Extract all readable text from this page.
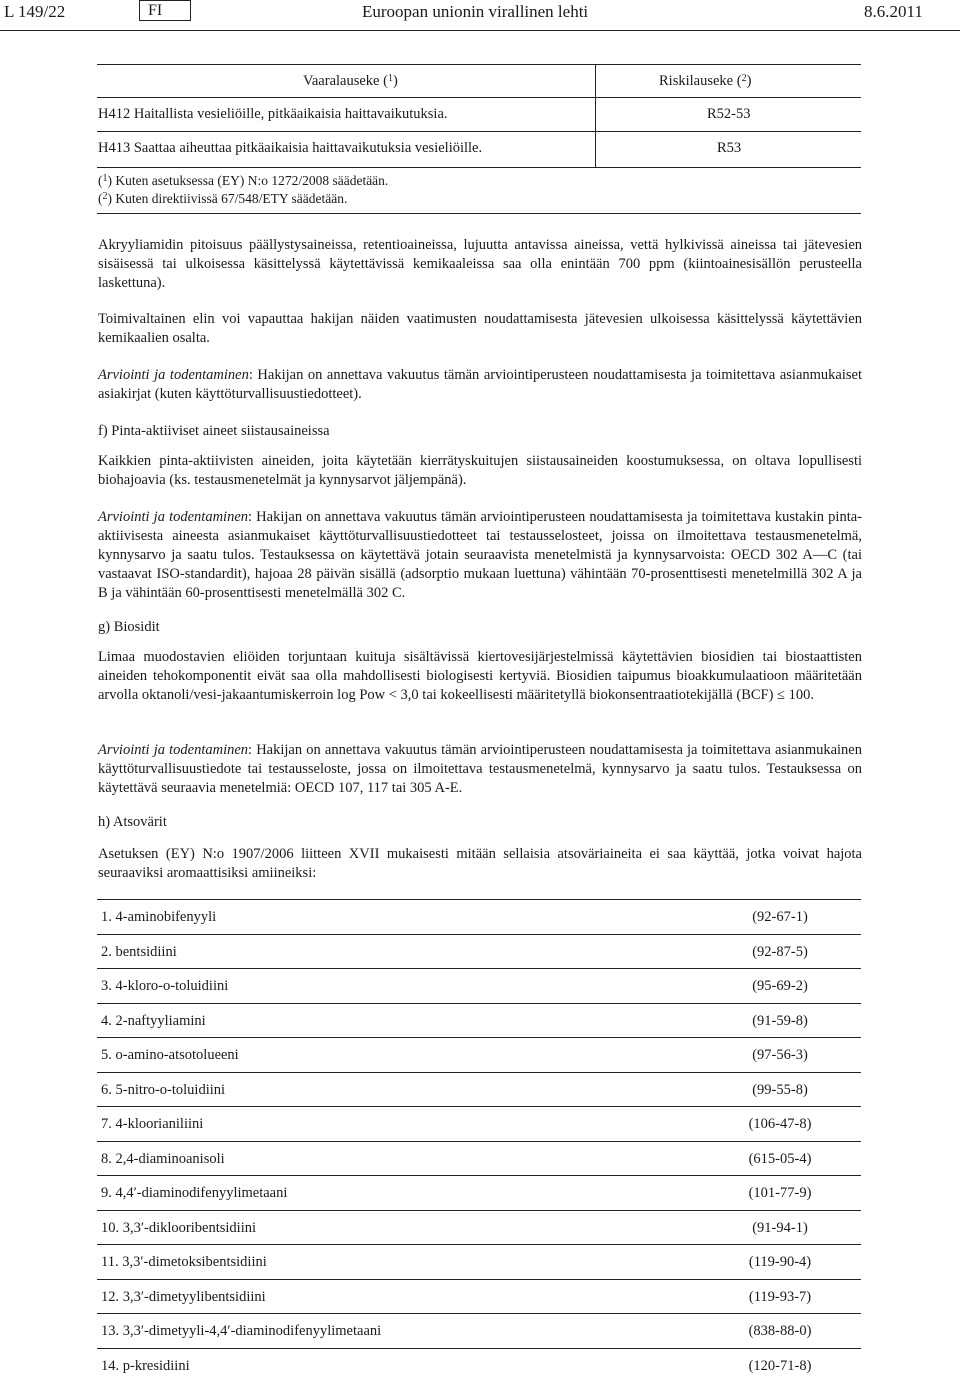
L 149/22	FI	Euroopan unionin virallinen lehti	8.6.2011
Vaaralauseke ($^1$)	Riskilauseke ($^2$)
H412 Haitallista vesieliöille, pitkäaikaisia haittavaikutuksia.	R52-53
H413 Saattaa aiheuttaa pitkäaikaisia haittavaikutuksia vesieliöille.	R53
($^1$) Kuten asetuksessa (EY) N:o 1272/2008 säädetään.
($^2$) Kuten direktiivissä 67/548/ETY säädetään.
Akryyliamidin pitoisuus päällystysaineissa, retentioaineissa, lujuutta antavissa aineissa, vettä hylkivissä aineissa tai jätevesien sisäisessä tai ulkoisessa käsittelyssä käytettävissä kemikaaleissa saa olla enintään 700 ppm (kiintoainesisällön perusteella laskettuna).
Toimivaltainen elin voi vapauttaa hakijan näiden vaatimusten noudattamisesta jätevesien ulkoisessa käsittelyssä käytettävien kemikaalien osalta.
Arviointi ja todentaminen: Hakijan on annettava vakuutus tämän arviointiperusteen noudattamisesta ja toimitettava asianmukaiset asiakirjat (kuten käyttöturvallisuustiedotteet).
f) Pinta-aktiiviset aineet siistausaineissa
Kaikkien pinta-aktiivisten aineiden, joita käytetään kierrätyskuitujen siistausaineiden koostumuksessa, on oltava lopullisesti biohajoavia (ks. testausmenetelmät ja kynnysarvot jäljempänä).
Arviointi ja todentaminen: Hakijan on annettava vakuutus tämän arviointiperusteen noudattamisesta ja toimitettava kustakin pinta-aktiivisesta aineesta asianmukaiset käyttöturvallisuustiedotteet tai testausselosteet, joissa on ilmoitettava testausmenetelmä, kynnysarvo ja saatu tulos. Testauksessa on käytettävä jotain seuraavista menetelmistä ja kynnysarvoista: OECD 302 A—C (tai vastaavat ISO-standardit), hajoaa 28 päivän sisällä (adsorptio mukaan luettuna) vähintään 70-prosenttisesti menetelmillä 302 A ja B ja vähintään 60-prosenttisesti menetelmällä 302 C.
g) Biosidit
Limaa muodostavien eliöiden torjuntaan kuituja sisältävissä kiertovesijärjestelmissä käytettävien biosidien tai biostaattisten aineiden tehokomponentit eivät saa olla mahdollisesti biologisesti kertyviä. Biosidien taipumus bioakkumulaatioon määritetään arvolla oktanoli/vesi-jakaantumiskerroin log Pow < 3,0 tai kokeellisesti määritetyllä biokonsentraatiotekijällä (BCF) ≤ 100.
Arviointi ja todentaminen: Hakijan on annettava vakuutus tämän arviointiperusteen noudattamisesta ja toimitettava asianmukainen käyttöturvallisuustiedote tai testausseloste, jossa on ilmoitettava testausmenetelmä, kynnysarvo ja saatu tulos. Testauksessa on käytettävä seuraavia menetelmiä: OECD 107, 117 tai 305 A-E.
h) Atsovärit
Asetuksen (EY) N:o 1907/2006 liitteen XVII mukaisesti mitään sellaisia atsoväriaineita ei saa käyttää, jotka voivat hajota seuraaviksi aromaattisiksi amiineiksi:
1. 4-aminobifenyyli	(92-67-1)
2. bentsidiini	(92-87-5)
3. 4-kloro-o-toluidiini	(95-69-2)
4. 2-naftyyliamini	(91-59-8)
5. o-amino-atsotolueeni	(97-56-3)
6. 5-nitro-o-toluidiini	(99-55-8)
7. 4-kloorianiliini	(106-47-8)
8. 2,4-diaminoanisoli	(615-05-4)
9. 4,4′-diaminodifenyylimetaani	(101-77-9)
10. 3,3′-diklooribentsidiini	(91-94-1)
11. 3,3′-dimetoksibentsidiini	(119-90-4)
12. 3,3′-dimetyylibentsidiini	(119-93-7)
13. 3,3′-dimetyyli-4,4′-diaminodifenyylimetaani	(838-88-0)
14. p-kresidiini	(120-71-8)
